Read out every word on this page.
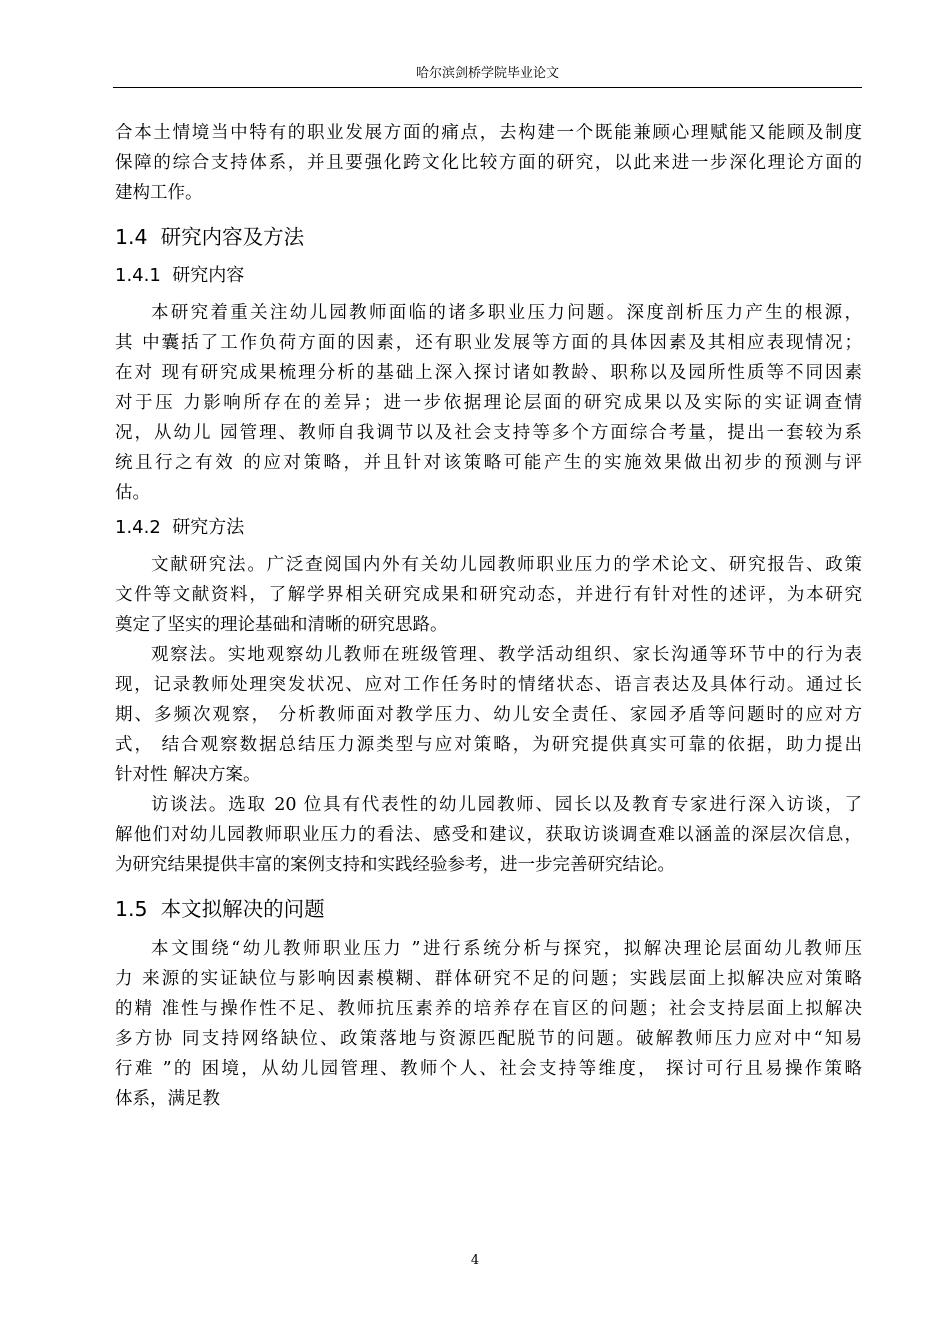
哈尔滨剑桥学院毕业论文
合本土情境当中特有的职业发展方面的痛点，去构建一个既能兼顾心理赋能又能顾及制度
保障的综合支持体系，并且要强化跨文化比较方面的研究，以此来进一步深化理论方面的
建构工作。
1.4  研究内容及方法
1.4.1  研究内容
本研究着重关注幼儿园教师面临的诸多职业压力问题。深度剖析压力产生的根源，
其 中囊括了工作负荷方面的因素，还有职业发展等方面的具体因素及其相应表现情况；
在对 现有研究成果梳理分析的基础上深入探讨诸如教龄、职称以及园所性质等不同因素
对于压 力影响所存在的差异；进一步依据理论层面的研究成果以及实际的实证调查情
况，从幼儿 园管理、教师自我调节以及社会支持等多个方面综合考量，提出一套较为系
统且行之有效 的应对策略，并且针对该策略可能产生的实施效果做出初步的预测与评
估。
1.4.2  研究方法
文献研究法。广泛查阅国内外有关幼儿园教师职业压力的学术论文、研究报告、政策
文件等文献资料，了解学界相关研究成果和研究动态，并进行有针对性的述评，为本研究
奠定了坚实的理论基础和清晰的研究思路。
观察法。实地观察幼儿教师在班级管理、教学活动组织、家长沟通等环节中的行为表
现，记录教师处理突发状况、应对工作任务时的情绪状态、语言表达及具体行动。通过长
期、多频次观察， 分析教师面对教学压力、幼儿安全责任、家园矛盾等问题时的应对方
式， 结合观察数据总结压力源类型与应对策略，为研究提供真实可靠的依据，助力提出
针对性 解决方案。
访谈法。选取 20 位具有代表性的幼儿园教师、园长以及教育专家进行深入访谈，了
解他们对幼儿园教师职业压力的看法、感受和建议，获取访谈调查难以涵盖的深层次信息，
为研究结果提供丰富的案例支持和实践经验参考，进一步完善研究结论。
1.5  本文拟解决的问题
本文围绕“幼儿教师职业压力 ”进行系统分析与探究，拟解决理论层面幼儿教师压
力 来源的实证缺位与影响因素模糊、群体研究不足的问题；实践层面上拟解决应对策略
的精 准性与操作性不足、教师抗压素养的培养存在盲区的问题；社会支持层面上拟解决
多方协 同支持网络缺位、政策落地与资源匹配脱节的问题。破解教师压力应对中“知易
行难 ”的 困境，从幼儿园管理、教师个人、社会支持等维度， 探讨可行且易操作策略
体系，满足教
4
